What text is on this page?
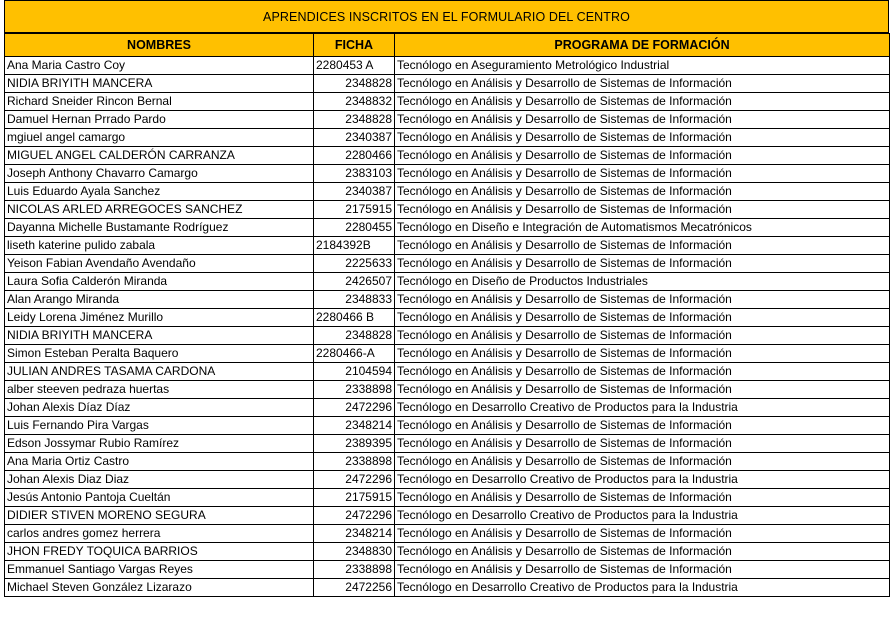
APRENDICES INSCRITOS EN EL FORMULARIO DEL CENTRO
NOMBRES	FICHA	PROGRAMA DE FORMACIÓN
Ana Maria Castro Coy	2280453 A	Tecnólogo en Aseguramiento Metrológico Industrial
NIDIA BRIYITH MANCERA	2348828	Tecnólogo en Análisis y Desarrollo de Sistemas de Información
Richard Sneider Rincon Bernal	2348832	Tecnólogo en Análisis y Desarrollo de Sistemas de Información
Damuel Hernan Prrado Pardo	2348828	Tecnólogo en Análisis y Desarrollo de Sistemas de Información
mgiuel angel camargo	2340387	Tecnólogo en Análisis y Desarrollo de Sistemas de Información
MIGUEL ANGEL CALDERÓN CARRANZA	2280466	Tecnólogo en Análisis y Desarrollo de Sistemas de Información
Joseph Anthony Chavarro Camargo	2383103	Tecnólogo en Análisis y Desarrollo de Sistemas de Información
Luis Eduardo Ayala Sanchez	2340387	Tecnólogo en Análisis y Desarrollo de Sistemas de Información
NICOLAS ARLED ARREGOCES SANCHEZ	2175915	Tecnólogo en Análisis y Desarrollo de Sistemas de Información
Dayanna Michelle Bustamante Rodríguez	2280455	Tecnólogo en Diseño e Integración de Automatismos Mecatrónicos
liseth katerine pulido zabala	2184392B	Tecnólogo en Análisis y Desarrollo de Sistemas de Información
Yeison Fabian Avendaño Avendaño	2225633	Tecnólogo en Análisis y Desarrollo de Sistemas de Información
Laura Sofia Calderón Miranda	2426507	Tecnólogo en Diseño de Productos Industriales
Alan Arango Miranda	2348833	Tecnólogo en Análisis y Desarrollo de Sistemas de Información
Leidy Lorena Jiménez Murillo	2280466 B	Tecnólogo en Análisis y Desarrollo de Sistemas de Información
NIDIA BRIYITH MANCERA	2348828	Tecnólogo en Análisis y Desarrollo de Sistemas de Información
Simon Esteban Peralta Baquero	2280466-A	Tecnólogo en Análisis y Desarrollo de Sistemas de Información
JULIAN ANDRES TASAMA CARDONA	2104594	Tecnólogo en Análisis y Desarrollo de Sistemas de Información
alber steeven pedraza huertas	2338898	Tecnólogo en Análisis y Desarrollo de Sistemas de Información
Johan Alexis Díaz Díaz	2472296	Tecnólogo en Desarrollo Creativo de Productos para la Industria
Luis Fernando Pira Vargas	2348214	Tecnólogo en Análisis y Desarrollo de Sistemas de Información
Edson Jossymar Rubio Ramírez	2389395	Tecnólogo en Análisis y Desarrollo de Sistemas de Información
Ana Maria Ortiz Castro	2338898	Tecnólogo en Análisis y Desarrollo de Sistemas de Información
Johan Alexis Diaz Diaz	2472296	Tecnólogo en Desarrollo Creativo de Productos para la Industria
Jesús Antonio Pantoja Cueltán	2175915	Tecnólogo en Análisis y Desarrollo de Sistemas de Información
DIDIER STIVEN MORENO SEGURA	2472296	Tecnólogo en Desarrollo Creativo de Productos para la Industria
carlos andres gomez herrera	2348214	Tecnólogo en Análisis y Desarrollo de Sistemas de Información
JHON FREDY TOQUICA BARRIOS	2348830	Tecnólogo en Análisis y Desarrollo de Sistemas de Información
Emmanuel Santiago Vargas Reyes	2338898	Tecnólogo en Análisis y Desarrollo de Sistemas de Información
Michael Steven González Lizarazo	2472256	Tecnólogo en Desarrollo Creativo de Productos para la Industria
